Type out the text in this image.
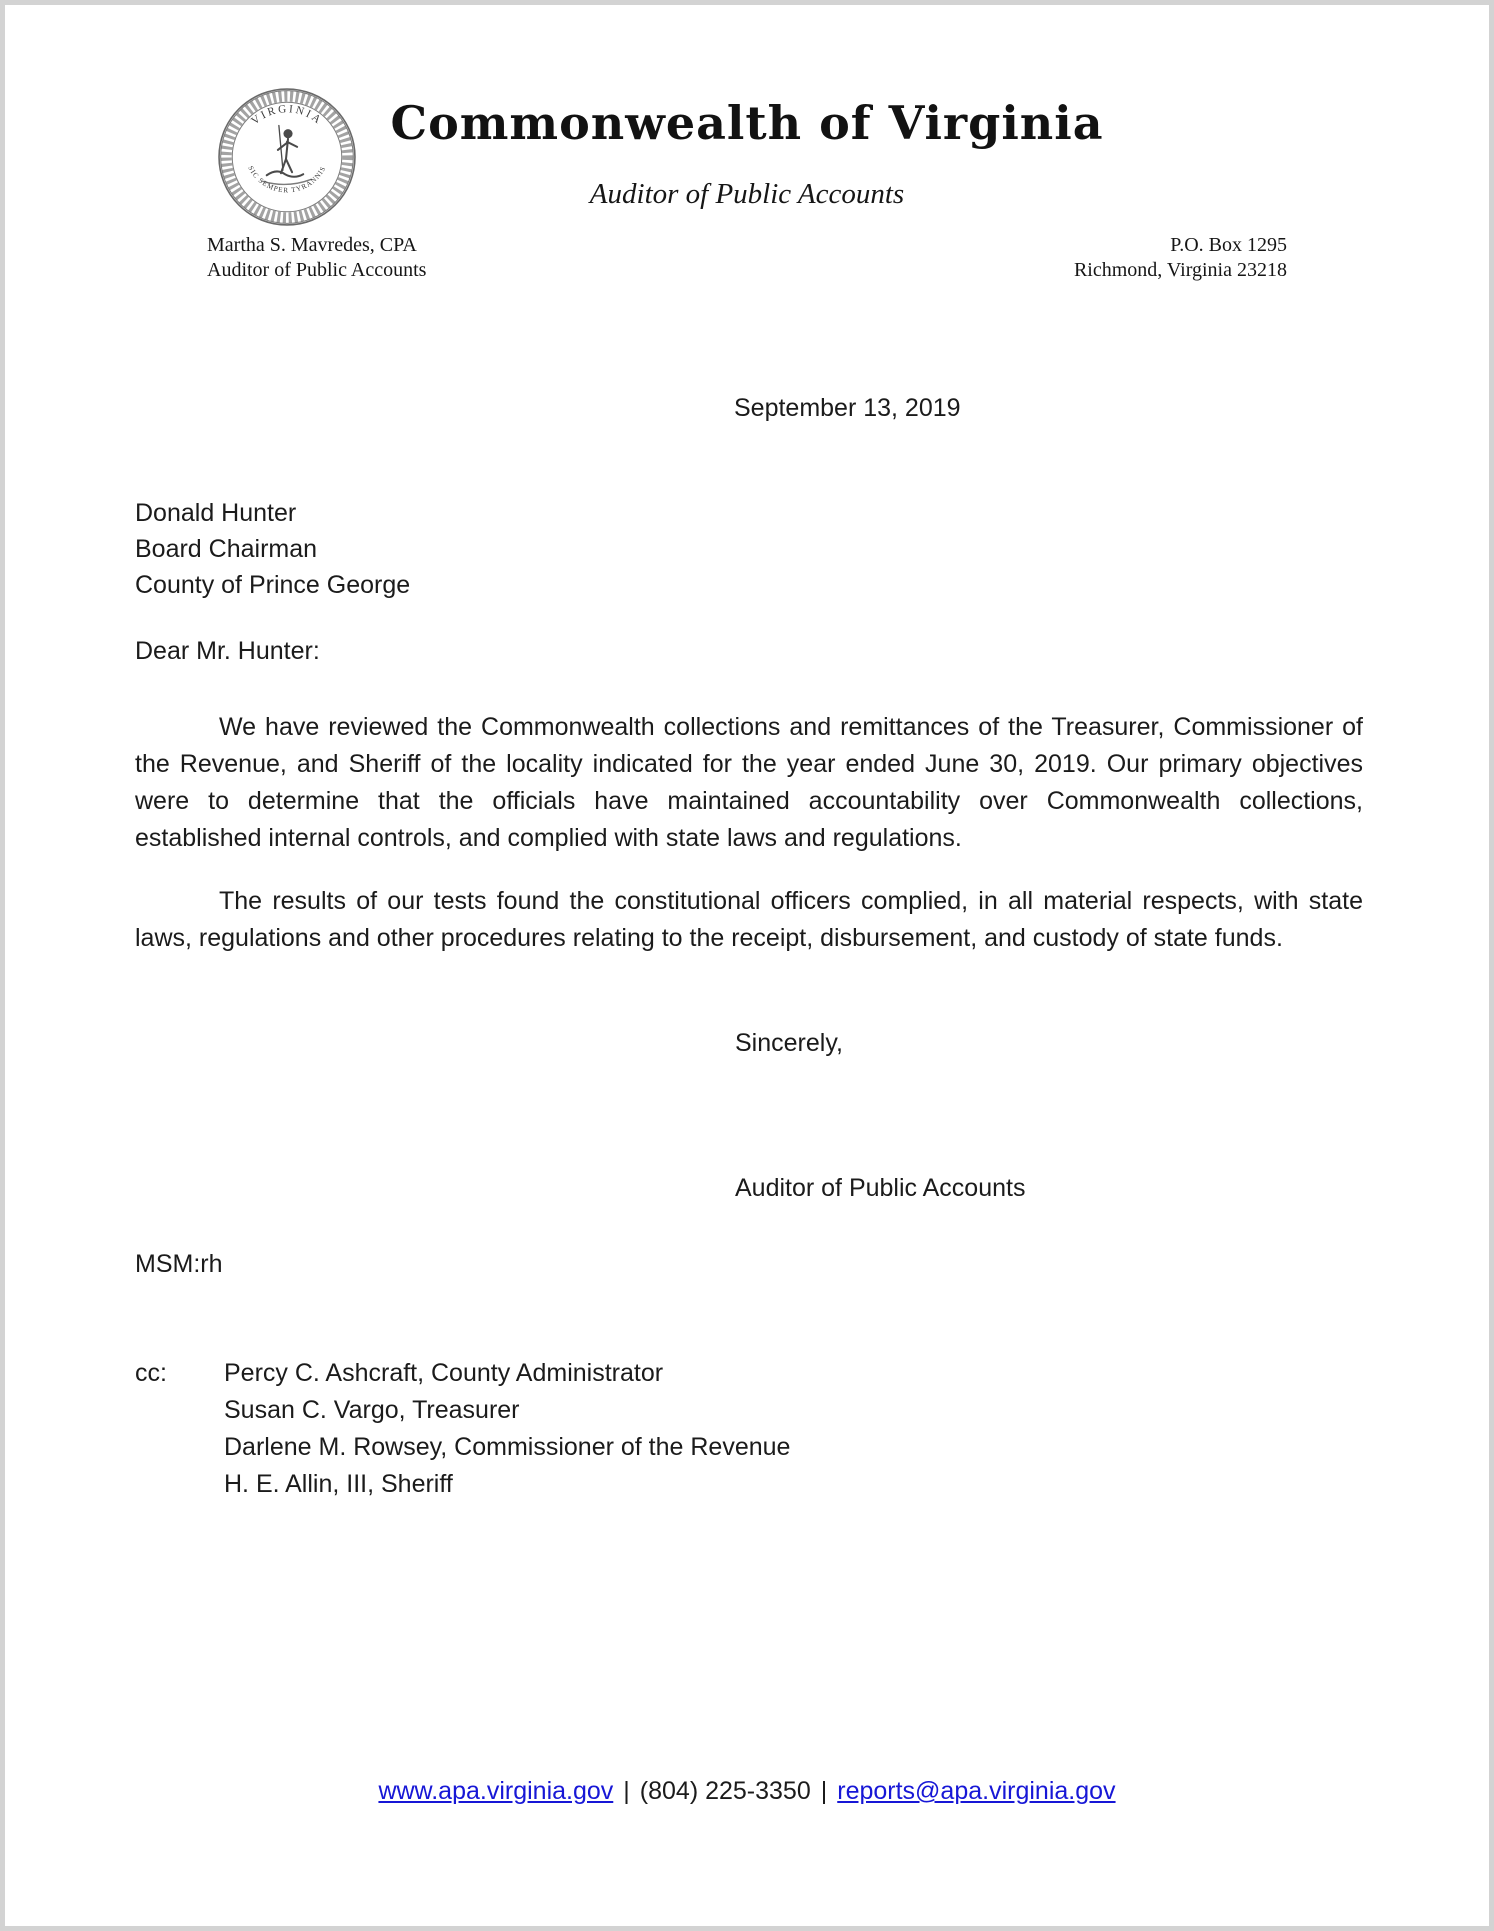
VIRGINIA
SIC SEMPER TYRANNIS
Commonwealth of Virginia
Auditor of Public Accounts
Martha S. Mavredes, CPA
Auditor of Public Accounts
P.O. Box 1295
Richmond, Virginia 23218
September 13, 2019
Donald Hunter
Board Chairman
County of Prince George
Dear Mr. Hunter:

We have reviewed the Commonwealth collections and remittances of the Treasurer, Commissioner of the Revenue, and Sheriff of the locality indicated for the year ended June 30, 2019. Our primary objectives were to determine that the officials have maintained accountability over Commonwealth collections, established internal controls, and complied with state laws and regulations.

The results of our tests found the constitutional officers complied, in all material respects, with state laws, regulations and other procedures relating to the receipt, disbursement, and custody of state funds.

Sincerely,
Auditor of Public Accounts
MSM:rh
cc: Percy C. Ashcraft, County Administrator
Susan C. Vargo, Treasurer
Darlene M. Rowsey, Commissioner of the Revenue
H. E. Allin, III, Sheriff
www.apa.virginia.gov | (804) 225-3350 | reports@apa.virginia.gov
